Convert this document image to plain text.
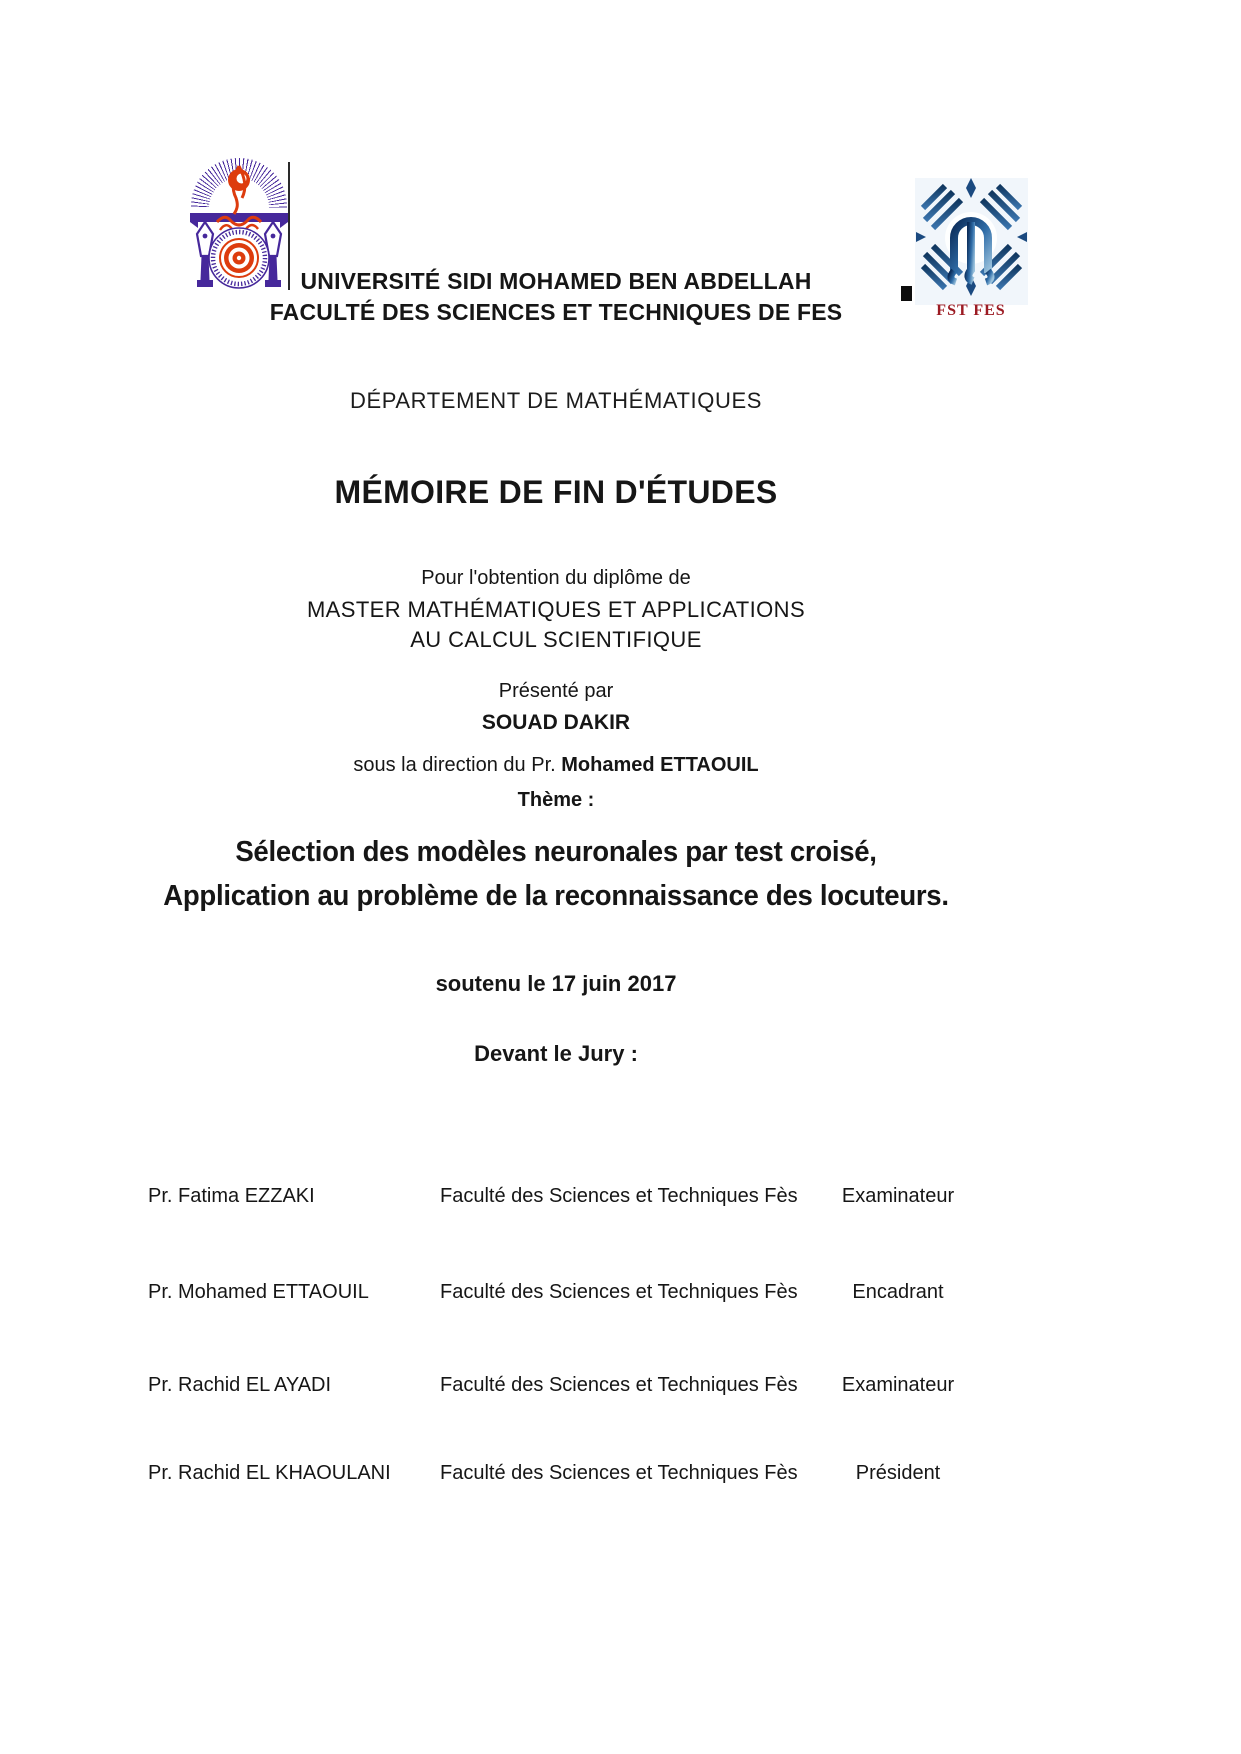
FST FES
UNIVERSITÉ SIDI MOHAMED BEN ABDELLAH
FACULTÉ DES SCIENCES ET TECHNIQUES DE FES
DÉPARTEMENT DE MATHÉMATIQUES
MÉMOIRE DE FIN D'ÉTUDES
Pour l'obtention du diplôme de
MASTER MATHÉMATIQUES ET APPLICATIONS
AU CALCUL SCIENTIFIQUE
Présenté par
SOUAD DAKIR
sous la direction du Pr. Mohamed ETTAOUIL
Thème :
Sélection des modèles neuronales par test croisé,
Application au problème de la reconnaissance des locuteurs.
soutenu le 17 juin 2017
Devant le Jury :
Pr. Fatima EZZAKI	Faculté des Sciences et Techniques Fès	Examinateur
Pr. Mohamed ETTAOUIL	Faculté des Sciences et Techniques Fès	Encadrant
Pr. Rachid EL AYADI	Faculté des Sciences et Techniques Fès	Examinateur
Pr. Rachid EL KHAOULANI	Faculté des Sciences et Techniques Fès	Président
